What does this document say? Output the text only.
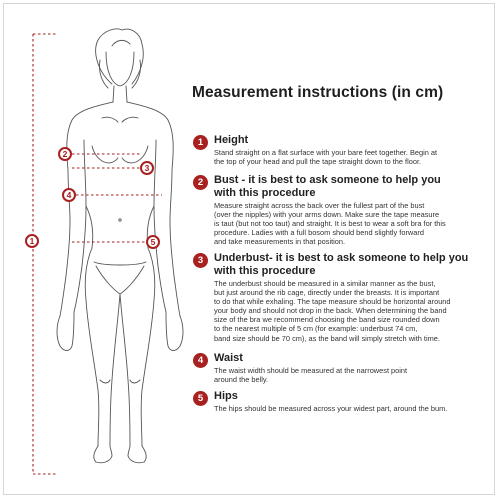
1
2
3
4
5
Measurement instructions (in cm)
1 Height
Stand straight on a flat surface with your bare feet together. Begin at
the top of your head and pull the tape straight down to the floor.
2 Bust - it is best to ask someone to help you
with this procedure
Measure straight across the back over the fullest part of the bust
(over the nipples) with your arms down. Make sure the tape measure
is taut (but not too taut) and straight. It is best to wear a soft bra for this
procedure. Ladies with a full bosom should bend slightly forward
and take measurements in that position.
3 Underbust- it is best to ask someone to help you
with this procedure
The underbust should be measured in a similar manner as the bust,
but just around the rib cage, directly under the breasts. It is important
to do that while exhaling. The tape measure should be horizontal around
your body and should not drop in the back. When determining the band
size of the bra we recommend choosing the band size rounded down
to the nearest multiple of 5 cm (for example: underbust 74 cm,
band size should be 70 cm), as the band will simply stretch with time.
4 Waist
The waist width should be measured at the narrowest point
around the belly.
5 Hips
The hips should be measured across your widest part, around the bum.
